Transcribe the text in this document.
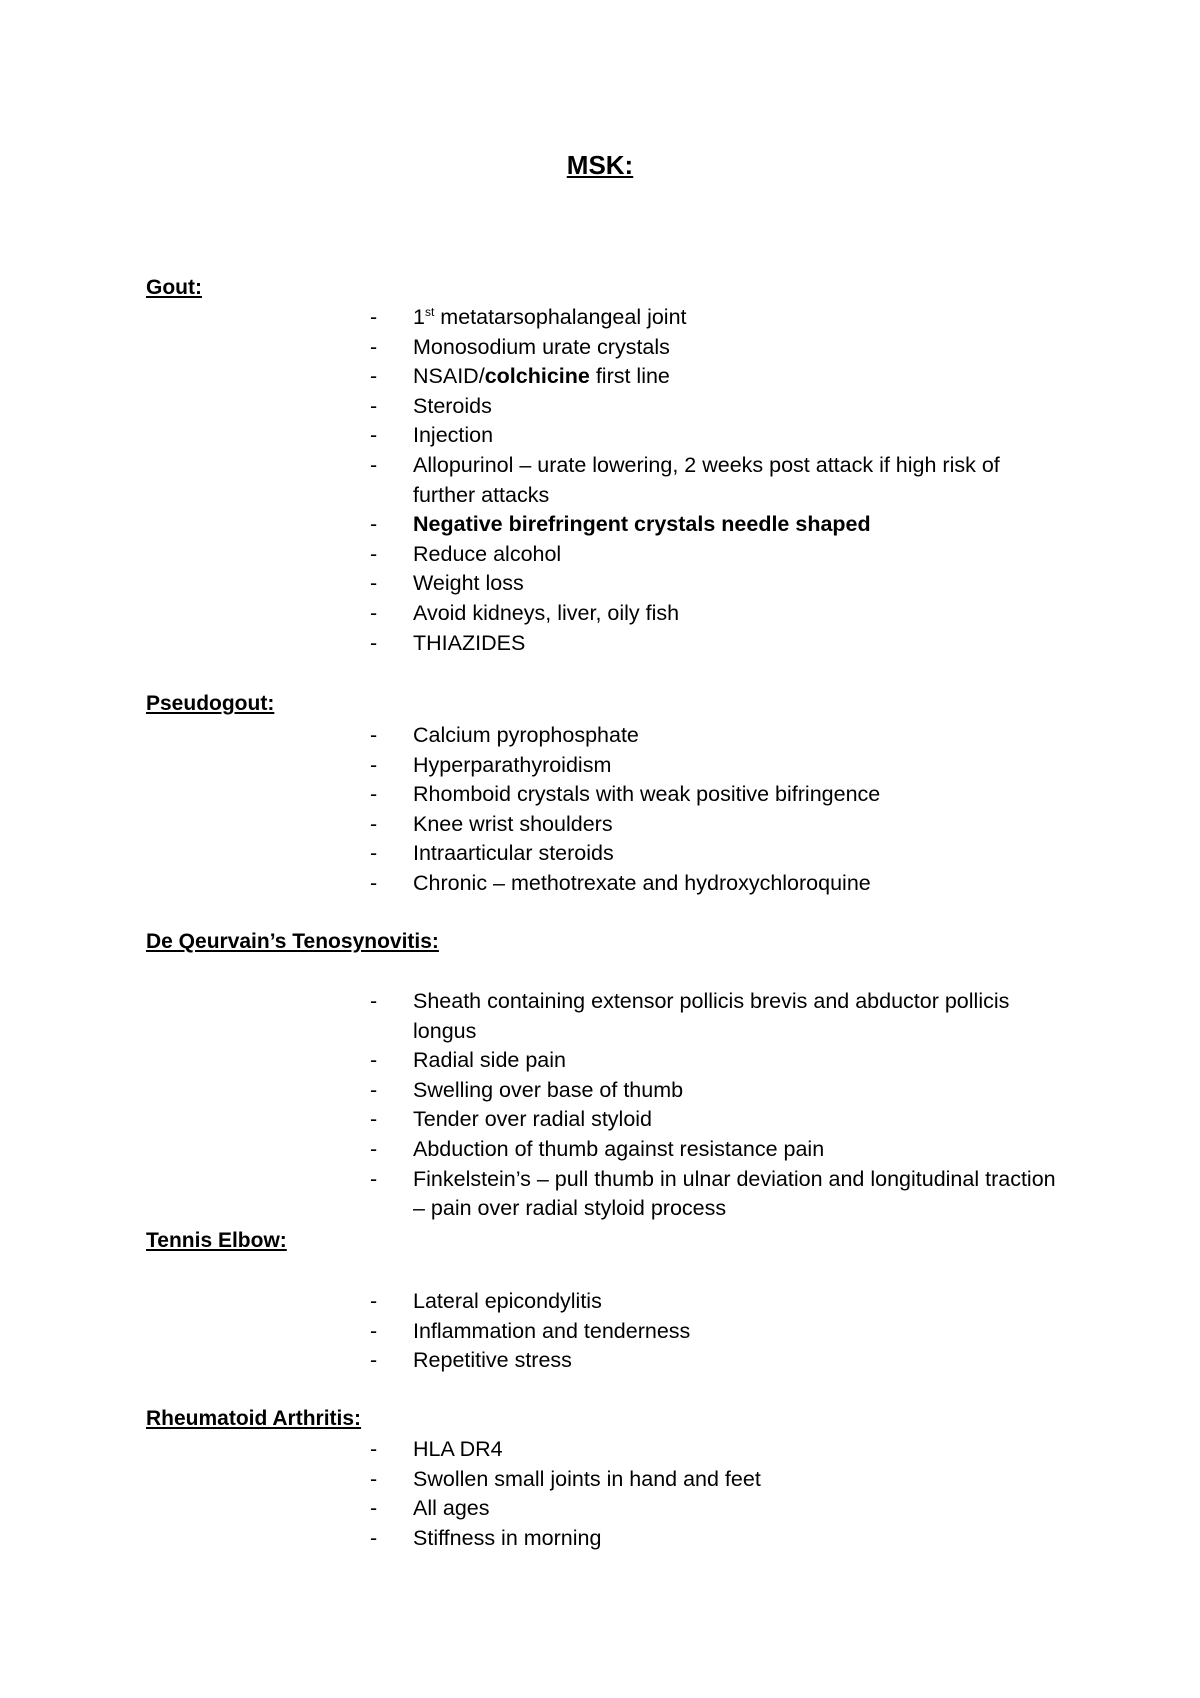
MSK:
Gout:
- 1st metatarsophalangeal joint
- Monosodium urate crystals
- NSAID/colchicine first line
- Steroids
- Injection
- Allopurinol – urate lowering, 2 weeks post attack if high risk of further attacks
- Negative birefringent crystals needle shaped
- Reduce alcohol
- Weight loss
- Avoid kidneys, liver, oily fish
- THIAZIDES
Pseudogout:
- Calcium pyrophosphate
- Hyperparathyroidism
- Rhomboid crystals with weak positive bifringence
- Knee wrist shoulders
- Intraarticular steroids
- Chronic – methotrexate and hydroxychloroquine
De Qeurvain’s Tenosynovitis:
- Sheath containing extensor pollicis brevis and abductor pollicis longus
- Radial side pain
- Swelling over base of thumb
- Tender over radial styloid
- Abduction of thumb against resistance pain
- Finkelstein’s – pull thumb in ulnar deviation and longitudinal traction – pain over radial styloid process
Tennis Elbow:
- Lateral epicondylitis
- Inflammation and tenderness
- Repetitive stress
Rheumatoid Arthritis:
- HLA DR4
- Swollen small joints in hand and feet
- All ages
- Stiffness in morning
